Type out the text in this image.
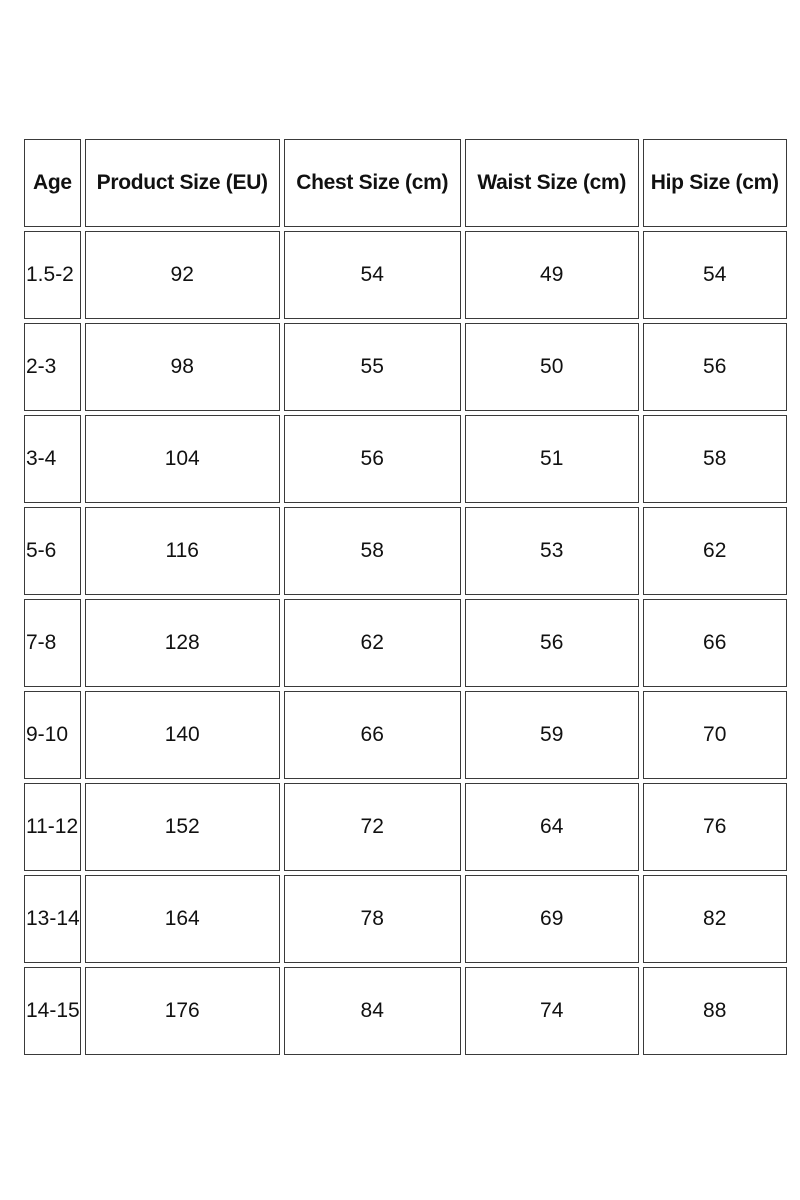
Age	Product Size (EU)	Chest Size (cm)	Waist Size (cm)	Hip Size (cm)
1.5-2	92	54	49	54
2-3	98	55	50	56
3-4	104	56	51	58
5-6	116	58	53	62
7-8	128	62	56	66
9-10	140	66	59	70
11-12	152	72	64	76
13-14	164	78	69	82
14-15	176	84	74	88
